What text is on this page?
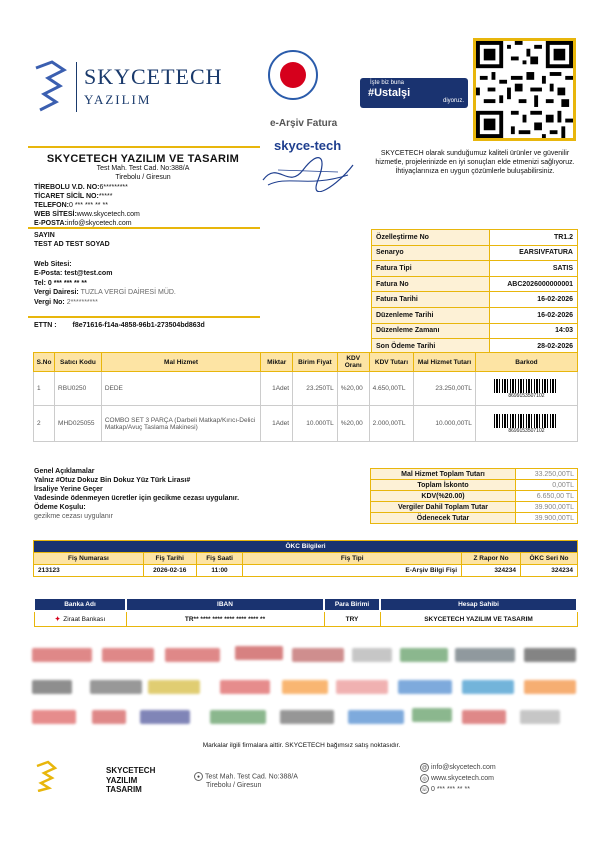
SKYCETECH
YAZILIM
İşte biz buna
#Ustalşi
diyoruz.
e-Arşiv Fatura
skyce-tech
SKYCETECH olarak sunduğumuz kaliteli ürünler ve güvenilir hizmetle, projelerinizde en iyi sonuçları elde etmenizi sağlıyoruz. İhtiyaçlarınıza en uygun çözümlerle buluşabilirsiniz.
SKYCETECH YAZILIM VE TASARIM
Test Mah. Test Cad. No:388/A
Tirebolu / Giresun
TİREBOLU V.D. NO:6*********
TİCARET SİCİL NO:*****
TELEFON:0 *** *** ** **
WEB SİTESİ:www.skycetech.com
E-POSTA:info@skycetech.com
SAYIN
TEST AD TEST SOYAD
Web Sitesi:
E-Posta: test@test.com
Tel: 0 *** *** ** **
Vergi Dairesi: TUZLA VERGİ DAİRESİ MÜD.
Vergi No: 2**********
ETTN : f8e71616-f14a-4858-96b1-273504bd863d
Özelleştirme No	TR1.2
Senaryo	EARSIVFATURA
Fatura Tipi	SATIS
Fatura No	ABC2026000000001
Fatura Tarihi	16-02-2026
Düzenleme Tarihi	16-02-2026
Düzenleme Zamanı	14:03
Son Ödeme Tarihi	28-02-2026
S.No	Satıcı Kodu	Mal Hizmet	Miktar	Birim Fiyat	KDV Oranı	KDV Tutarı	Mal Hizmet Tutarı	Barkod
1	RBU0250	DEDE	1Adet	23.250TL	%20,00	4.650,00TL	23.250,00TL	8699153507102

2	MHD025055	COMBO SET 3 PARÇA (Darbeli Matkap/Kırıcı-Delici Matkap/Avuç Taslama Makinesi)	1Adet	10.000TL	%20,00	2.000,00TL	10.000,00TL	8699153507102
Genel Açıklamalar
Yalnız #Otuz Dokuz Bin Dokuz Yüz Türk Lirası#
İrsaliye Yerine Geçer
Vadesinde ödenmeyen ücretler için gecikme cezası uygulanır.
Ödeme Koşulu:
gezikme cezası uygulanır
Mal Hizmet Toplam Tutarı	33.250,00TL
Toplam İskonto	0,00TL
KDV(%20.00)	6.650,00 TL
Vergiler Dahil Toplam Tutar	39.900,00TL
Ödenecek Tutar	39.900,00TL
ÖKC Bilgileri					
Fiş Numarası	Fiş Tarihi	Fiş Saati	Fiş Tipi	Z Rapor No	ÖKC Seri No
213123	2026-02-16	11:00	E-Arşiv Bilgi Fişi	324234	324234
Banka Adı	IBAN	Para Birimi	Hesap Sahibi
✦ Ziraat Bankası	TR** **** **** **** **** **** **	TRY	SKYCETECH YAZILIM VE TASARIM
Markalar ilgili firmalara aittir. SKYCETECH bağımsız satış noktasıdır.
SKYCETECH
YAZILIM
TASARIM
● Test Mah. Test Cad. No:388/A
Tirebolu / Giresun
@ info@skycetech.com
◎ www.skycetech.com
☏ 0 *** *** ** **
